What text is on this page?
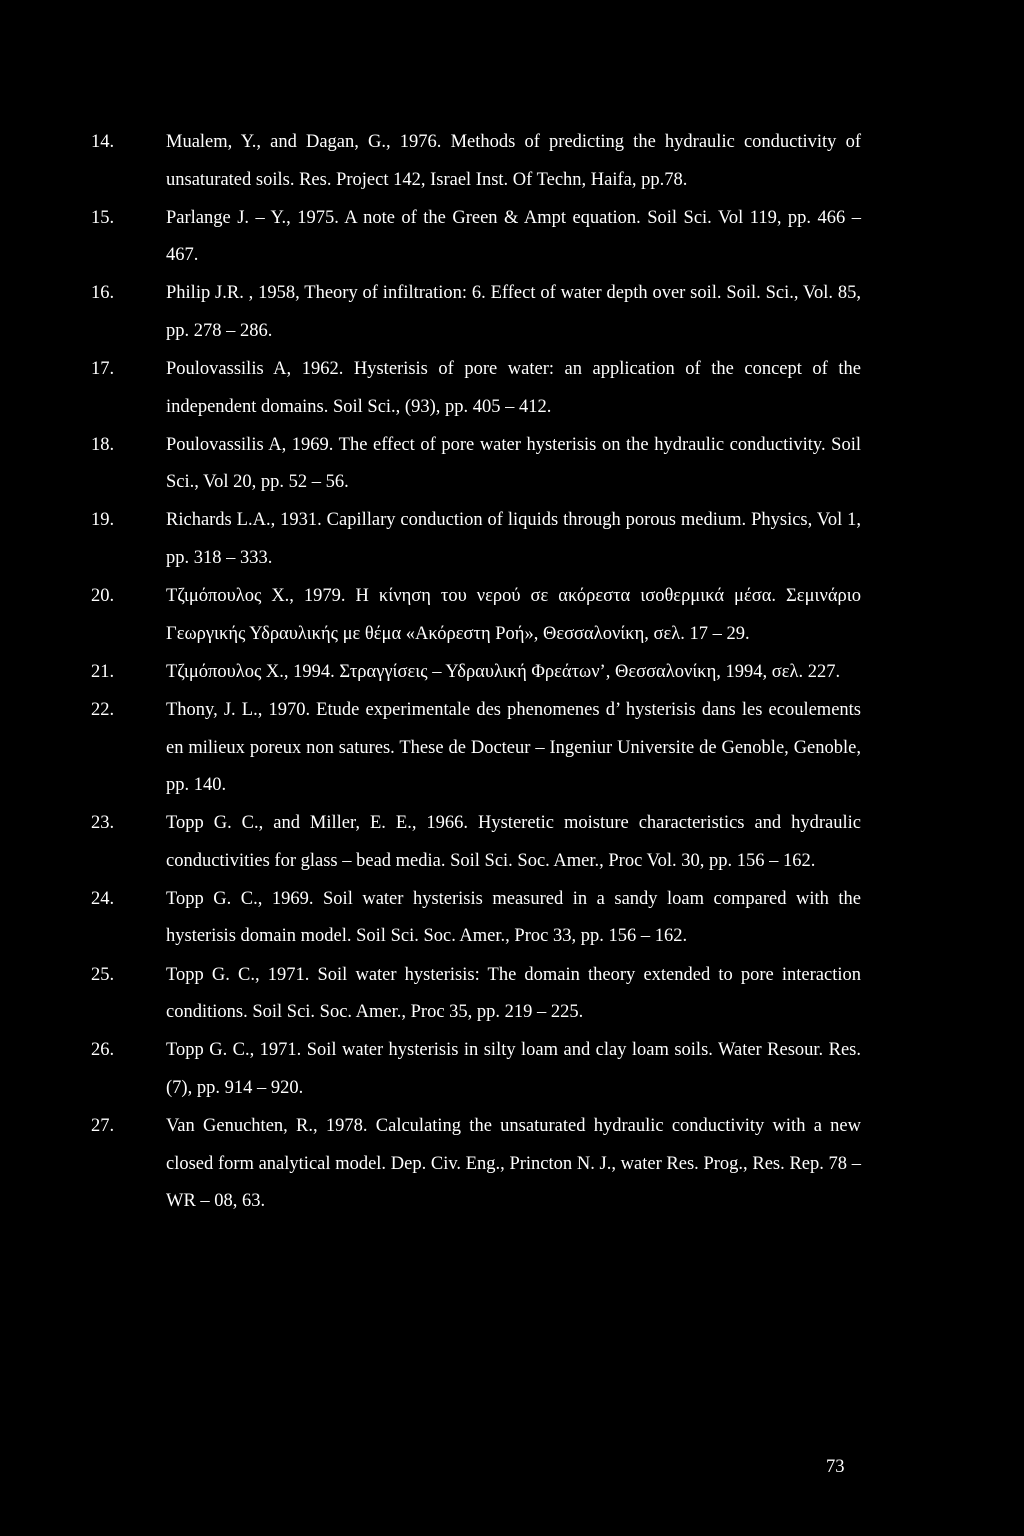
14.	Mualem, Y., and Dagan, G., 1976. Methods of predicting the hydraulic conductivity of unsaturated soils. Res. Project 142, Israel Inst. Of Techn, Haifa, pp.78.
15.	Parlange J. – Y., 1975. A note of the Green & Ampt equation. Soil Sci. Vol 119, pp. 466 – 467.
16.	Philip J.R. , 1958, Theory of infiltration: 6. Effect of water depth over soil. Soil. Sci., Vol. 85, pp. 278 – 286.
17.	Poulovassilis A, 1962. Hysterisis of pore water: an application of the concept of the independent domains. Soil Sci., (93), pp. 405 – 412.
18.	Poulovassilis A, 1969. The effect of pore water hysterisis on the hydraulic conductivity. Soil Sci., Vol 20, pp. 52 – 56.
19.	Richards L.A., 1931. Capillary conduction of liquids through porous medium. Physics, Vol 1, pp. 318 – 333.
20.	Τζιμόπουλος Χ., 1979. Η κίνηση του νερού σε ακόρεστα ισοθερμικά μέσα. Σεμινάριο Γεωργικής Υδραυλικής με θέμα «Ακόρεστη Ροή», Θεσσαλονίκη, σελ. 17 – 29.
21.	Τζιμόπουλος Χ., 1994. Στραγγίσεις – Υδραυλική Φρεάτων’, Θεσσαλονίκη, 1994, σελ. 227.
22.	Thony, J. L., 1970. Etude experimentale des phenomenes d’ hysterisis dans les ecoulements en milieux poreux non satures. These de Docteur – Ingeniur Universite de Genoble, Genoble, pp. 140.
23.	Topp G. C., and Miller, E. E., 1966. Hysteretic moisture characteristics and hydraulic conductivities for glass – bead media. Soil Sci. Soc. Amer., Proc Vol. 30, pp. 156 – 162.
24.	Topp G. C., 1969. Soil water hysterisis measured in a sandy loam compared with the hysterisis domain model. Soil Sci. Soc. Amer., Proc 33, pp. 156 – 162.
25.	Topp G. C., 1971. Soil water hysterisis: The domain theory extended to pore interaction conditions. Soil Sci. Soc. Amer., Proc 35, pp. 219 – 225.
26.	Topp G. C., 1971. Soil water hysterisis in silty loam and clay loam soils. Water Resour. Res. (7), pp. 914 – 920.
27.	Van Genuchten, R., 1978. Calculating the unsaturated hydraulic conductivity with a new closed form analytical model. Dep. Civ. Eng., Princton N. J., water Res. Prog., Res. Rep. 78 – WR – 08, 63.
73
